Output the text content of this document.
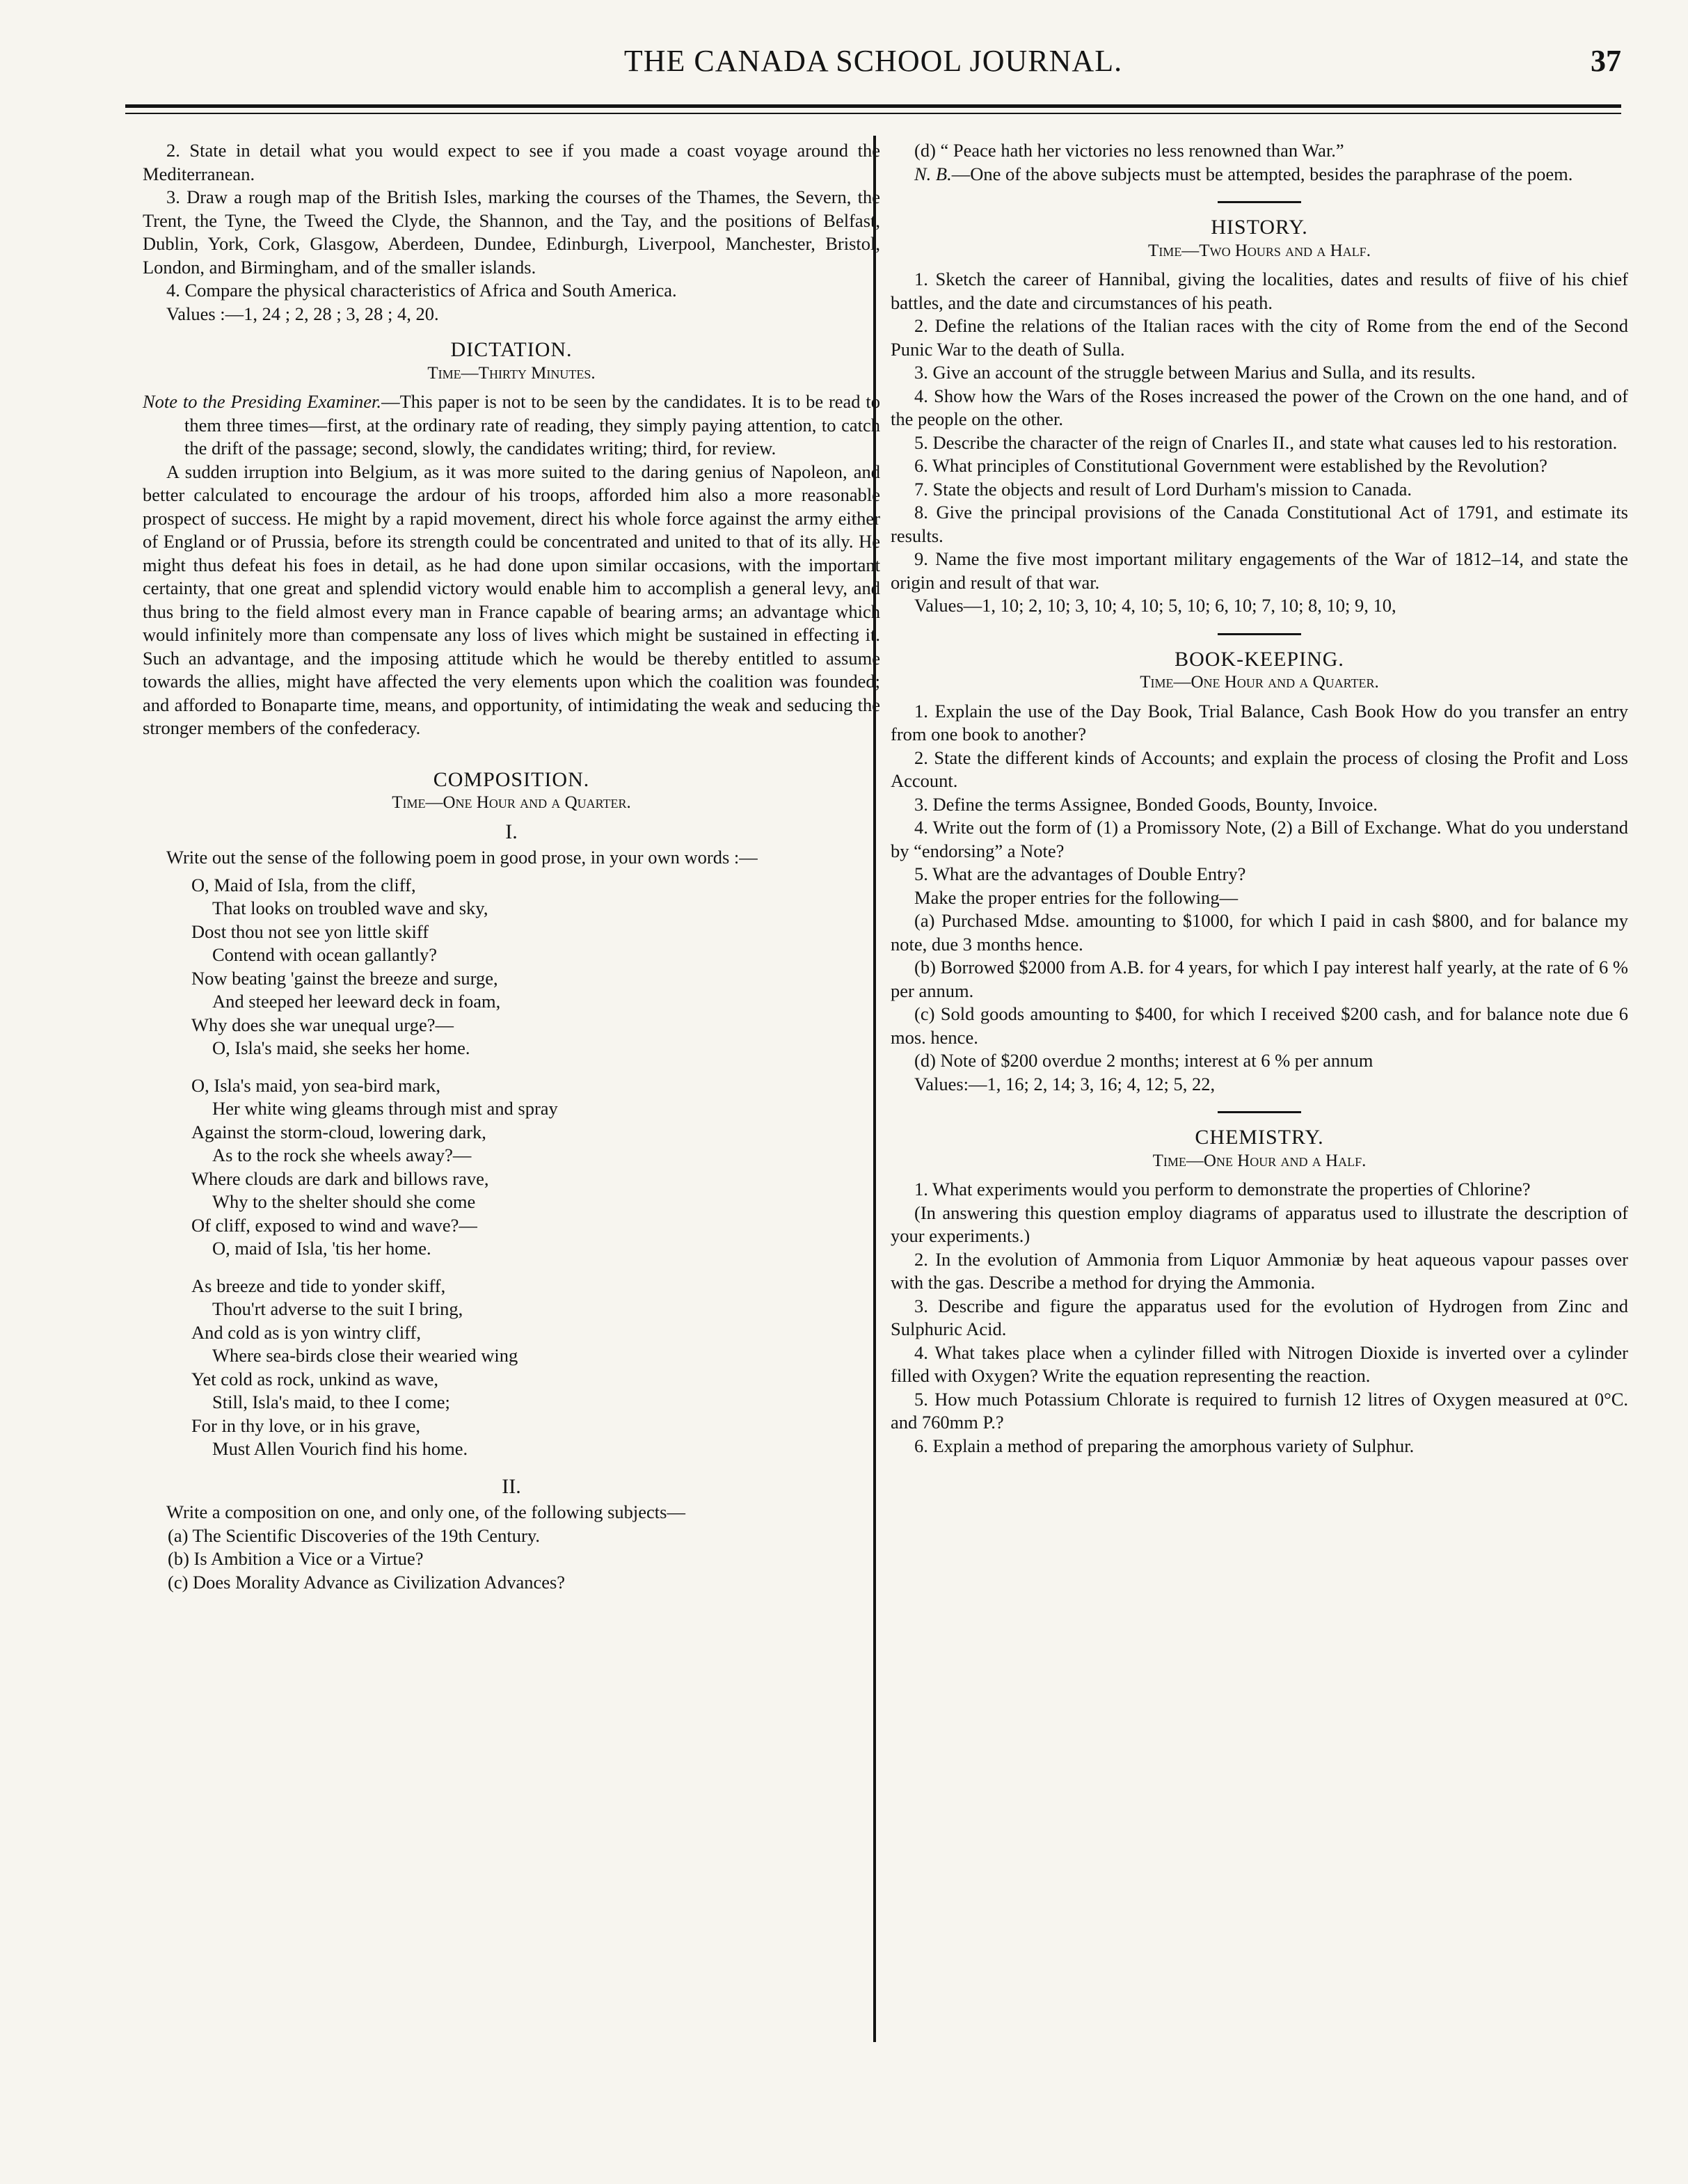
THE CANADA SCHOOL JOURNAL.	37

2. State in detail what you would expect to see if you made a coast voyage around the Mediterranean.

3. Draw a rough map of the British Isles, marking the courses of the Thames, the Severn, the Trent, the Tyne, the Tweed the Clyde, the Shannon, and the Tay, and the positions of Belfast, Dublin, York, Cork, Glasgow, Aberdeen, Dundee, Edinburgh, Liverpool, Manchester, Bristol, London, and Birmingham, and of the smaller islands.

4. Compare the physical characteristics of Africa and South America.

Values :—1, 24 ; 2, 28 ; 3, 28 ; 4, 20.

DICTATION.
Time—Thirty Minutes.

Note to the Presiding Examiner.—This paper is not to be seen by the candidates. It is to be read to them three times—first, at the ordinary rate of reading, they simply paying attention, to catch the drift of the passage; second, slowly, the candidates writing; third, for review.

A sudden irruption into Belgium, as it was more suited to the daring genius of Napoleon, and better calculated to encourage the ardour of his troops, afforded him also a more reasonable prospect of success. He might by a rapid movement, direct his whole force against the army either of England or of Prussia, before its strength could be concentrated and united to that of its ally. He might thus defeat his foes in detail, as he had done upon similar occasions, with the important certainty, that one great and splendid victory would enable him to accomplish a general levy, and thus bring to the field almost every man in France capable of bearing arms; an advantage which would infinitely more than compensate any loss of lives which might be sustained in effecting it. Such an advantage, and the imposing attitude which he would be thereby entitled to assume towards the allies, might have affected the very elements upon which the coalition was founded; and afforded to Bonaparte time, means, and opportunity, of intimidating the weak and seducing the stronger members of the confederacy.

COMPOSITION.
Time—One Hour and a Quarter.
I.

Write out the sense of the following poem in good prose, in your own words :—

O, Maid of Isla, from the cliff,
That looks on troubled wave and sky,
Dost thou not see yon little skiff
Contend with ocean gallantly?
Now beating 'gainst the breeze and surge,
And steeped her leeward deck in foam,
Why does she war unequal urge?—
O, Isla's maid, she seeks her home.
O, Isla's maid, yon sea-bird mark,
Her white wing gleams through mist and spray
Against the storm-cloud, lowering dark,
As to the rock she wheels away?—
Where clouds are dark and billows rave,
Why to the shelter should she come
Of cliff, exposed to wind and wave?—
O, maid of Isla, 'tis her home.
As breeze and tide to yonder skiff,
Thou'rt adverse to the suit I bring,
And cold as is yon wintry cliff,
Where sea-birds close their wearied wing
Yet cold as rock, unkind as wave,
Still, Isla's maid, to thee I come;
For in thy love, or in his grave,
Must Allen Vourich find his home.
II.

Write a composition on one, and only one, of the following subjects—

(a) The Scientific Discoveries of the 19th Century.
(b) Is Ambition a Vice or a Virtue?
(c) Does Morality Advance as Civilization Advances?

(d) “ Peace hath her victories no less renowned than War.”

N. B.—One of the above subjects must be attempted, besides the paraphrase of the poem.

HISTORY.
Time—Two Hours and a Half.

1. Sketch the career of Hannibal, giving the localities, dates and results of fiive of his chief battles, and the date and circumstances of his peath.

2. Define the relations of the Italian races with the city of Rome from the end of the Second Punic War to the death of Sulla.

3. Give an account of the struggle between Marius and Sulla, and its results.

4. Show how the Wars of the Roses increased the power of the Crown on the one hand, and of the people on the other.

5. Describe the character of the reign of Cnarles II., and state what causes led to his restoration.

6. What principles of Constitutional Government were established by the Revolution?

7. State the objects and result of Lord Durham's mission to Canada.

8. Give the principal provisions of the Canada Constitutional Act of 1791, and estimate its results.

9. Name the five most important military engagements of the War of 1812–14, and state the origin and result of that war.

Values—1, 10; 2, 10; 3, 10; 4, 10; 5, 10; 6, 10; 7, 10; 8, 10; 9, 10,

BOOK-KEEPING.
Time—One Hour and a Quarter.

1. Explain the use of the Day Book, Trial Balance, Cash Book How do you transfer an entry from one book to another?

2. State the different kinds of Accounts; and explain the process of closing the Profit and Loss Account.

3. Define the terms Assignee, Bonded Goods, Bounty, Invoice.

4. Write out the form of (1) a Promissory Note, (2) a Bill of Exchange. What do you understand by “endorsing” a Note?

5. What are the advantages of Double Entry?

Make the proper entries for the following—

(a) Purchased Mdse. amounting to $1000, for which I paid in cash $800, and for balance my note, due 3 months hence.

(b) Borrowed $2000 from A.B. for 4 years, for which I pay interest half yearly, at the rate of 6 % per annum.

(c) Sold goods amounting to $400, for which I received $200 cash, and for balance note due 6 mos. hence.

(d) Note of $200 overdue 2 months; interest at 6 % per annum

Values:—1, 16; 2, 14; 3, 16; 4, 12; 5, 22,

CHEMISTRY.
Time—One Hour and a Half.

1. What experiments would you perform to demonstrate the properties of Chlorine?

(In answering this question employ diagrams of apparatus used to illustrate the description of your experiments.)

2. In the evolution of Ammonia from Liquor Ammoniæ by heat aqueous vapour passes over with the gas. Describe a method for drying the Ammonia.

3. Describe and figure the apparatus used for the evolution of Hydrogen from Zinc and Sulphuric Acid.

4. What takes place when a cylinder filled with Nitrogen Dioxide is inverted over a cylinder filled with Oxygen? Write the equation representing the reaction.

5. How much Potassium Chlorate is required to furnish 12 litres of Oxygen measured at 0°C. and 760mm P.?

6. Explain a method of preparing the amorphous variety of Sulphur.
